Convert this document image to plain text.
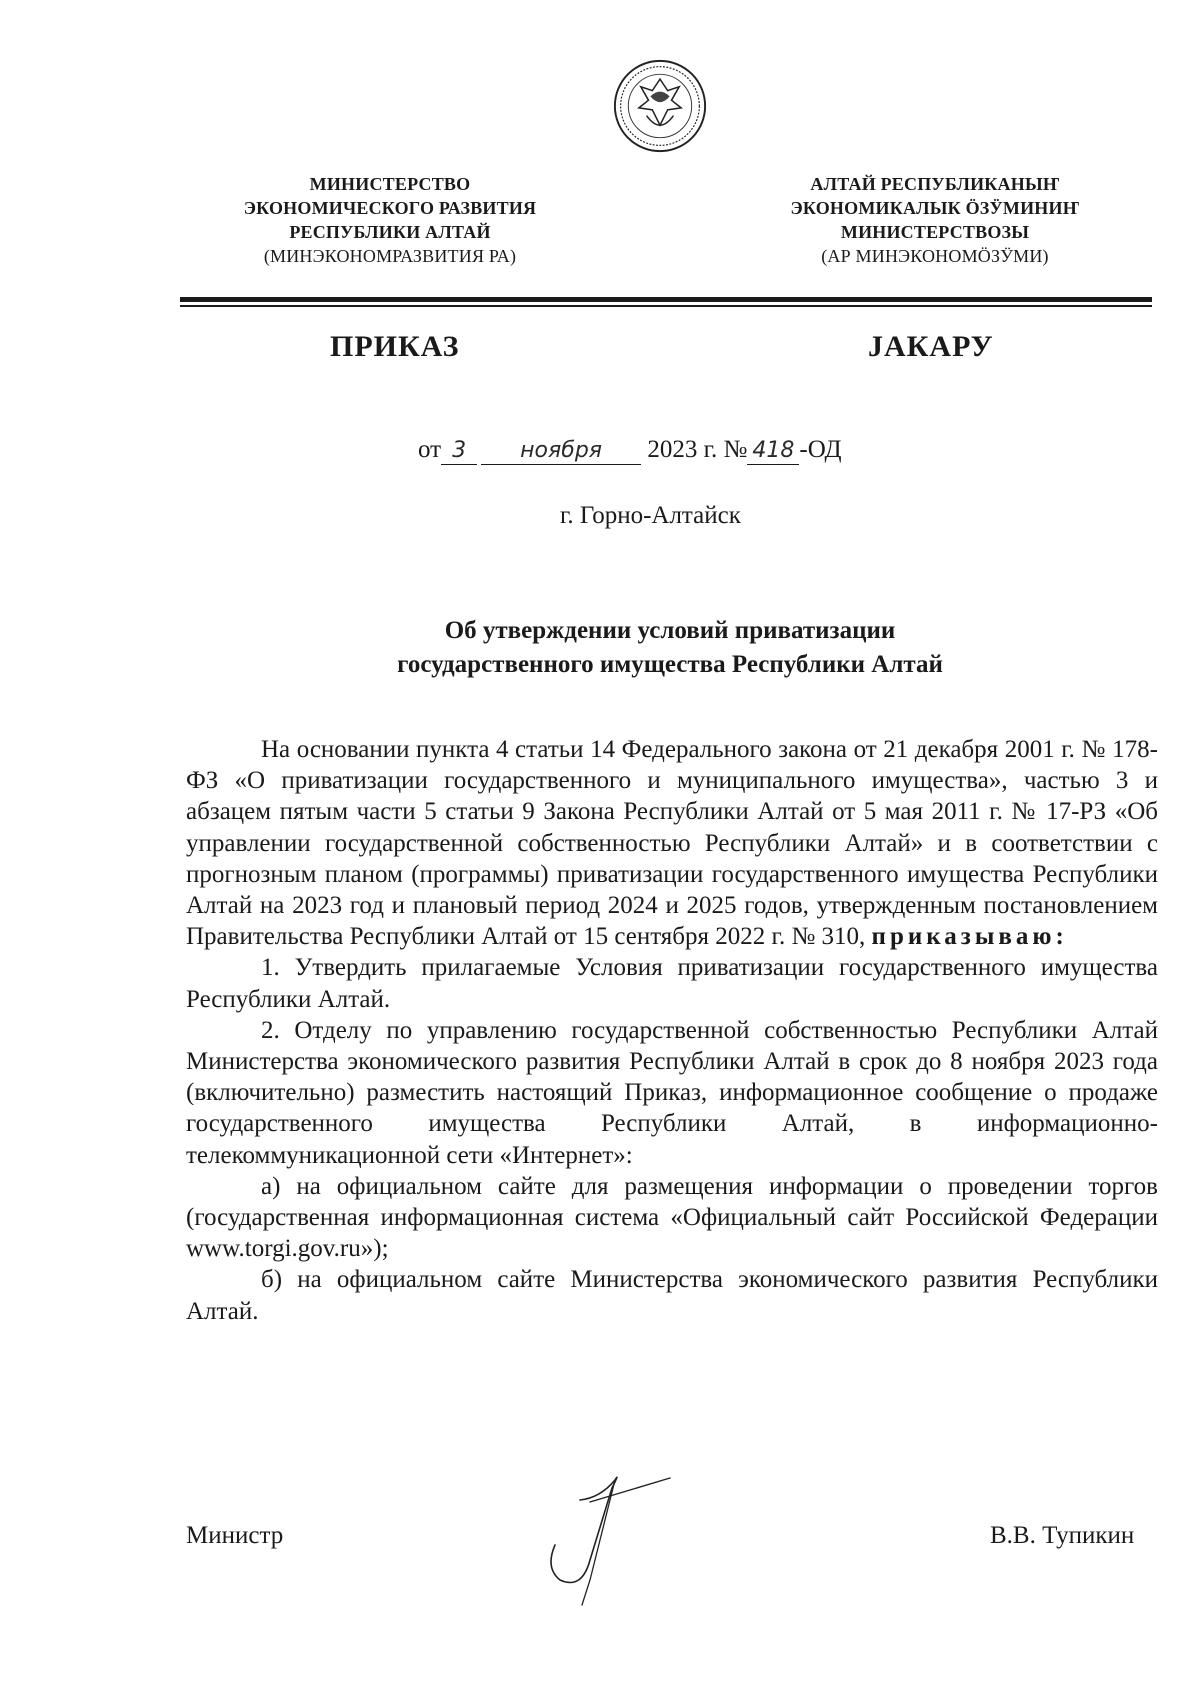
МИНИСТЕРСТВО
ЭКОНОМИЧЕСКОГО РАЗВИТИЯ
РЕСПУБЛИКИ АЛТАЙ
(МИНЭКОНОМРАЗВИТИЯ РА)
АЛТАЙ РЕСПУБЛИКАНЫҤ
ЭКОНОМИКАЛЫК ÖЗӰМИНИҤ
МИНИСТЕРСТВОЗЫ
(АР МИНЭКОНОМÖЗӰМИ)
ПРИКАЗ	ЈАКАРУ
от 3 ноября 2023 г. № 418 -ОД
г. Горно-Алтайск
Об утверждении условий приватизации
государственного имущества Республики Алтай

На основании пункта 4 статьи 14 Федерального закона от 21 декабря 2001 г. № 178-ФЗ «О приватизации государственного и муниципального имущества», частью 3 и абзацем пятым части 5 статьи 9 Закона Республики Алтай от 5 мая 2011 г. № 17-РЗ «Об управлении государственной собственностью Республики Алтай» и в соответствии с прогнозным планом (программы) приватизации государственного имущества Республики Алтай на 2023 год и плановый период 2024 и 2025 годов, утвержденным постановлением Правительства Республики Алтай от 15 сентября 2022 г. № 310, приказываю:

1. Утвердить прилагаемые Условия приватизации государственного имущества Республики Алтай.

2. Отделу по управлению государственной собственностью Республики Алтай Министерства экономического развития Республики Алтай в срок до 8 ноября 2023 года (включительно) разместить настоящий Приказ, информационное сообщение о продаже государственного имущества Республики Алтай, в информационно-телекоммуникационной сети «Интернет»:

а) на официальном сайте для размещения информации о проведении торгов (государственная информационная система «Официальный сайт Российской Федерации www.torgi.gov.ru»);

б) на официальном сайте Министерства экономического развития Республики Алтай.

Министр	В.В. Тупикин
